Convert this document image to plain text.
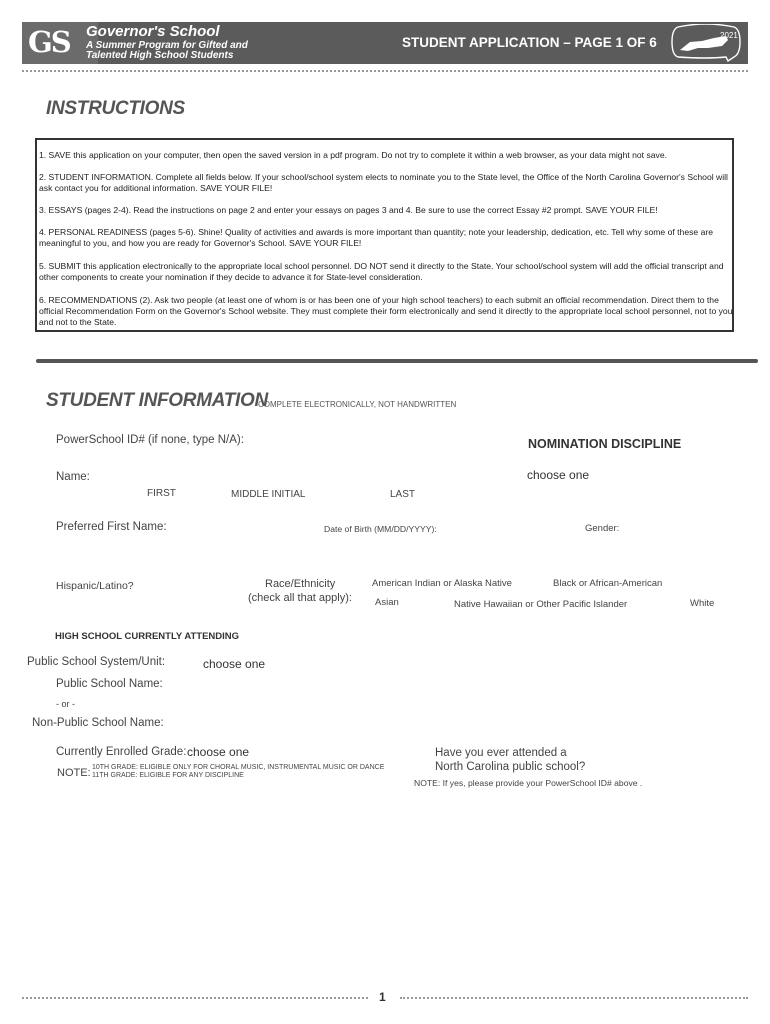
GS Governor's School
A Summer Program for Gifted and
Talented High School Students
STUDENT APPLICATION – PAGE 1 OF 6	2021
INSTRUCTIONS
1. SAVE this application on your computer, then open the saved version in a pdf program. Do not try to complete it within a web browser, as your data might not save.
2. STUDENT INFORMATION. Complete all fields below. If your school/school system elects to nominate you to the State level, the Office of the North Carolina Governor's School will ask contact you for additional information. SAVE YOUR FILE!
3. ESSAYS (pages 2-4). Read the instructions on page 2 and enter your essays on pages 3 and 4. Be sure to use the correct Essay #2 prompt. SAVE YOUR FILE!
4. PERSONAL READINESS (pages 5-6). Shine! Quality of activities and awards is more important than quantity; note your leadership, dedication, etc. Tell why some of these are meaningful to you, and how you are ready for Governor's School. SAVE YOUR FILE!
5. SUBMIT this application electronically to the appropriate local school personnel. DO NOT send it directly to the State. Your school/school system will add the official transcript and other components to create your nomination if they decide to advance it for State-level consideration.
6. RECOMMENDATIONS (2). Ask two people (at least one of whom is or has been one of your high school teachers) to each submit an official recommendation. Direct them to the official Recommendation Form on the Governor's School website. They must complete their form electronically and send it directly to the appropriate local school personnel, not to you and not to the State.
STUDENT INFORMATION
COMPLETE ELECTRONICALLY, NOT HANDWRITTEN
PowerSchool ID# (if none, type N/A):	NOMINATION DISCIPLINE
choose one
Name:
FIRST	MIDDLE INITIAL	LAST
Preferred First Name:	Date of Birth (MM/DD/YYYY):	Gender:
Hispanic/Latino?	Race/Ethnicity
(check all that apply):
American Indian or Alaska Native	Black or African-American
Asian	Native Hawaiian or Other Pacific Islander	White
HIGH SCHOOL CURRENTLY ATTENDING
Public School System/Unit:	choose one
Public School Name:
- or -
Non-Public School Name:
Currently Enrolled Grade: choose one
NOTE: 10TH GRADE: ELIGIBLE ONLY FOR CHORAL MUSIC, INSTRUMENTAL MUSIC OR DANCE
11TH GRADE: ELIGIBLE FOR ANY DISCIPLINE
Have you ever attended a
North Carolina public school?
NOTE: If yes, please provide your PowerSchool ID# above .
1
